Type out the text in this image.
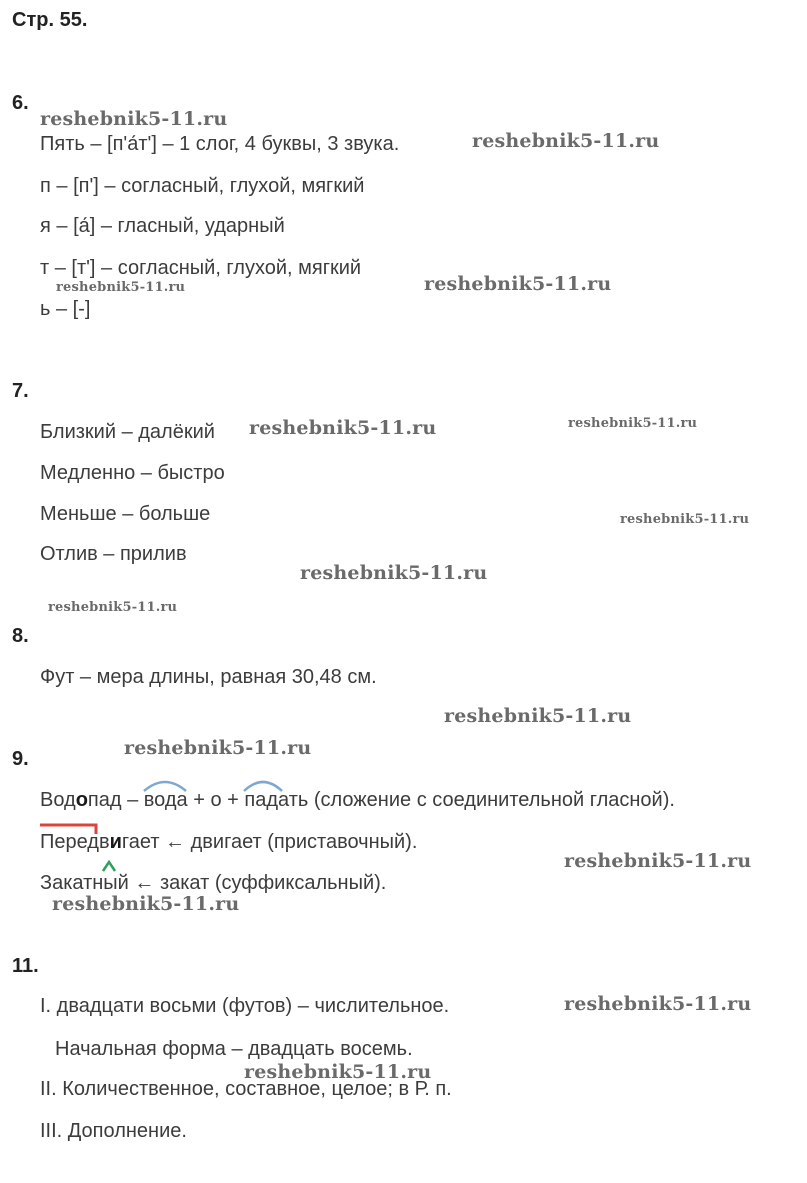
Стр. 55.
6.
Пять – [п'а́т'] – 1 слог, 4 буквы, 3 звука.
п – [п'] – согласный, глухой, мягкий
я – [а́] – гласный, ударный
т – [т'] – согласный, глухой, мягкий
ь – [-]
7.
Близкий – далёкий
Медленно – быстро
Меньше – больше
Отлив – прилив
8.
Фут – мера длины, равная 30,48 см.
9.
Водопад – вода
+ о + пад
ать (сложение с соединительной гласной).
Передв
игает ← двигает (приставочный).
Закатный ← закат (суффиксальный).
11.
I. двадцати восьми (футов) – числительное.
Начальная форма – двадцать восемь.
II. Количественное, составное, целое; в Р. п.
III. Дополнение.
reshebnik5-11.ru
reshebnik5-11.ru
reshebnik5-11.ru	reshebnik5-11.ru
reshebnik5-11.ru	reshebnik5-11.ru
reshebnik5-11.ru
reshebnik5-11.ru
reshebnik5-11.ru
reshebnik5-11.ru
reshebnik5-11.ru
reshebnik5-11.ru
reshebnik5-11.ru
reshebnik5-11.ru
reshebnik5-11.ru
